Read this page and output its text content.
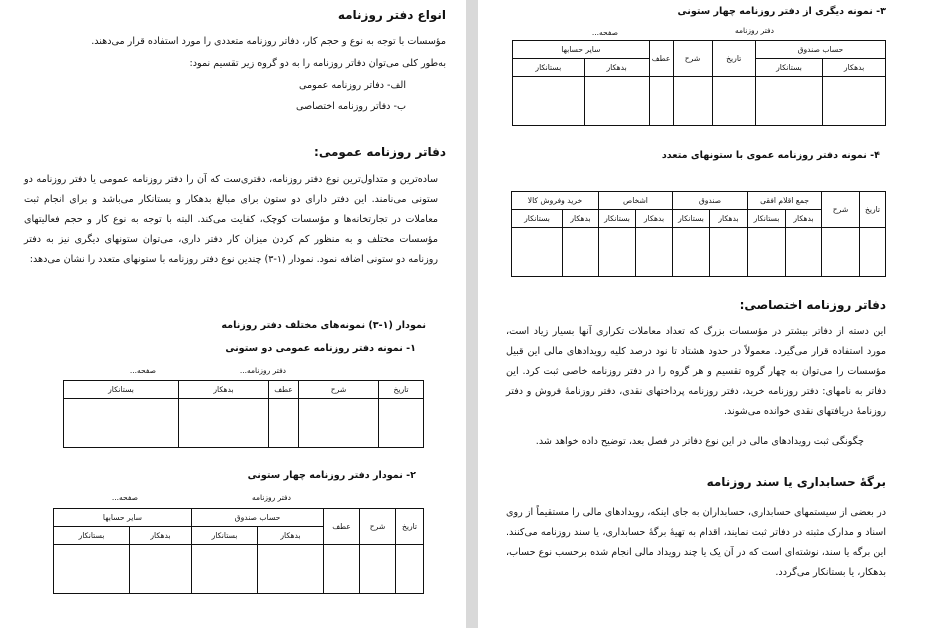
انواع دفتر روزنامه
مؤسسات با توجه به نوع و حجم کار، دفاتر روزنامه متعددی را مورد استفاده قرار می‌دهند.
به‌طور کلی می‌توان دفاتر روزنامه را به دو گروه زیر تقسیم نمود:
الف- دفاتر روزنامه عمومی
ب- دفاتر روزنامه اختصاصی
دفاتر روزنامه عمومی:
ساده‌ترین و متداول‌ترین نوع دفتر روزنامه، دفتری‌ست که آن را دفتر روزنامه عمومی یا دفتر روزنامه دو ستونی می‌نامند. این دفتر دارای دو ستون برای مبالغ بدهکار و بستانکار می‌باشد و برای انجام ثبت معاملات در تجارتخانه‌ها و مؤسسات کوچک، کفایت می‌کند. البته با توجه به نوع کار و حجم فعالیتهای مؤسسات مختلف و به منظور کم کردن میزان کار دفتر داری، می‌توان ستونهای دیگری نیز به دفتر روزنامه دو ستونی اضافه نمود. نمودار (۱-۳) چندین نوع دفتر روزنامه با ستونهای متعدد را نشان می‌دهد:
نمودار (۱-۳) نمونه‌های مختلف دفتر روزنامه
۱- نمونه دفتر روزنامه عمومی دو ستونی
دفتر روزنامه...
صفحه...
تاریخ	شرح	عطف	بدهکار	بستانکار

۲- نمودار دفتر روزنامه چهار ستونی
دفتر روزنامه
صفحه...
تاریخ	شرح	عطف	حساب صندوق		سایر حسابها	
			بدهکار	بستانکار	بدهکار	بستانکار

۳- نمونه دیگری از دفتر روزنامه چهار ستونی
دفتر روزنامه
صفحه...
حساب صندوق		تاریخ	شرح	عطف	سایر حسابها	
بدهکار	بستانکار				بدهکار	بستانکار

۴- نمونه دفتر روزنامه عموی با ستونهای متعدد
تاریخ	شرح	جمع اقلام افقی		صندوق		اشخاص		خرید وفروش کالا	
		بدهکار	بستانکار	بدهکار	بستانکار	بدهکار	بستانکار	بدهکار	بستانکار

دفاتر روزنامه اختصاصی:
این دسته از دفاتر بیشتر در مؤسسات بزرگ که تعداد معاملات تکراری آنها بسیار زیاد است، مورد استفاده قرار می‌گیرد. معمولاً در حدود هشتاد تا نود درصد کلیه رویدادهای مالی این قبیل مؤسسات را می‌توان به چهار گروه تقسیم و هر گروه را در دفتر روزنامه خاصی ثبت کرد. این دفاتر به نامهای: دفتر روزنامه خرید، دفتر روزنامه پرداختهای نقدی، دفتر روزنامهٔ فروش و دفتر روزنامهٔ دریافتهای نقدی خوانده می‌شوند.
چگونگی ثبت رویدادهای مالی در این نوع دفاتر در فصل بعد، توضیح داده خواهد شد.
برگهٔ حسابداری یا سند روزنامه
در بعضی از سیستمهای حسابداری، حسابداران به جای اینکه، رویدادهای مالی را مستقیماً از روی اسناد و مدارک مثبته در دفاتر ثبت نمایند، اقدام به تهیهٔ برگهٔ حسابداری، یا سند روزنامه می‌کنند. این برگه یا سند، نوشته‌ای است که در آن یک یا چند رویداد مالی انجام شده برحسب نوع حساب، بدهکار، یا بستانکار می‌گردد.
